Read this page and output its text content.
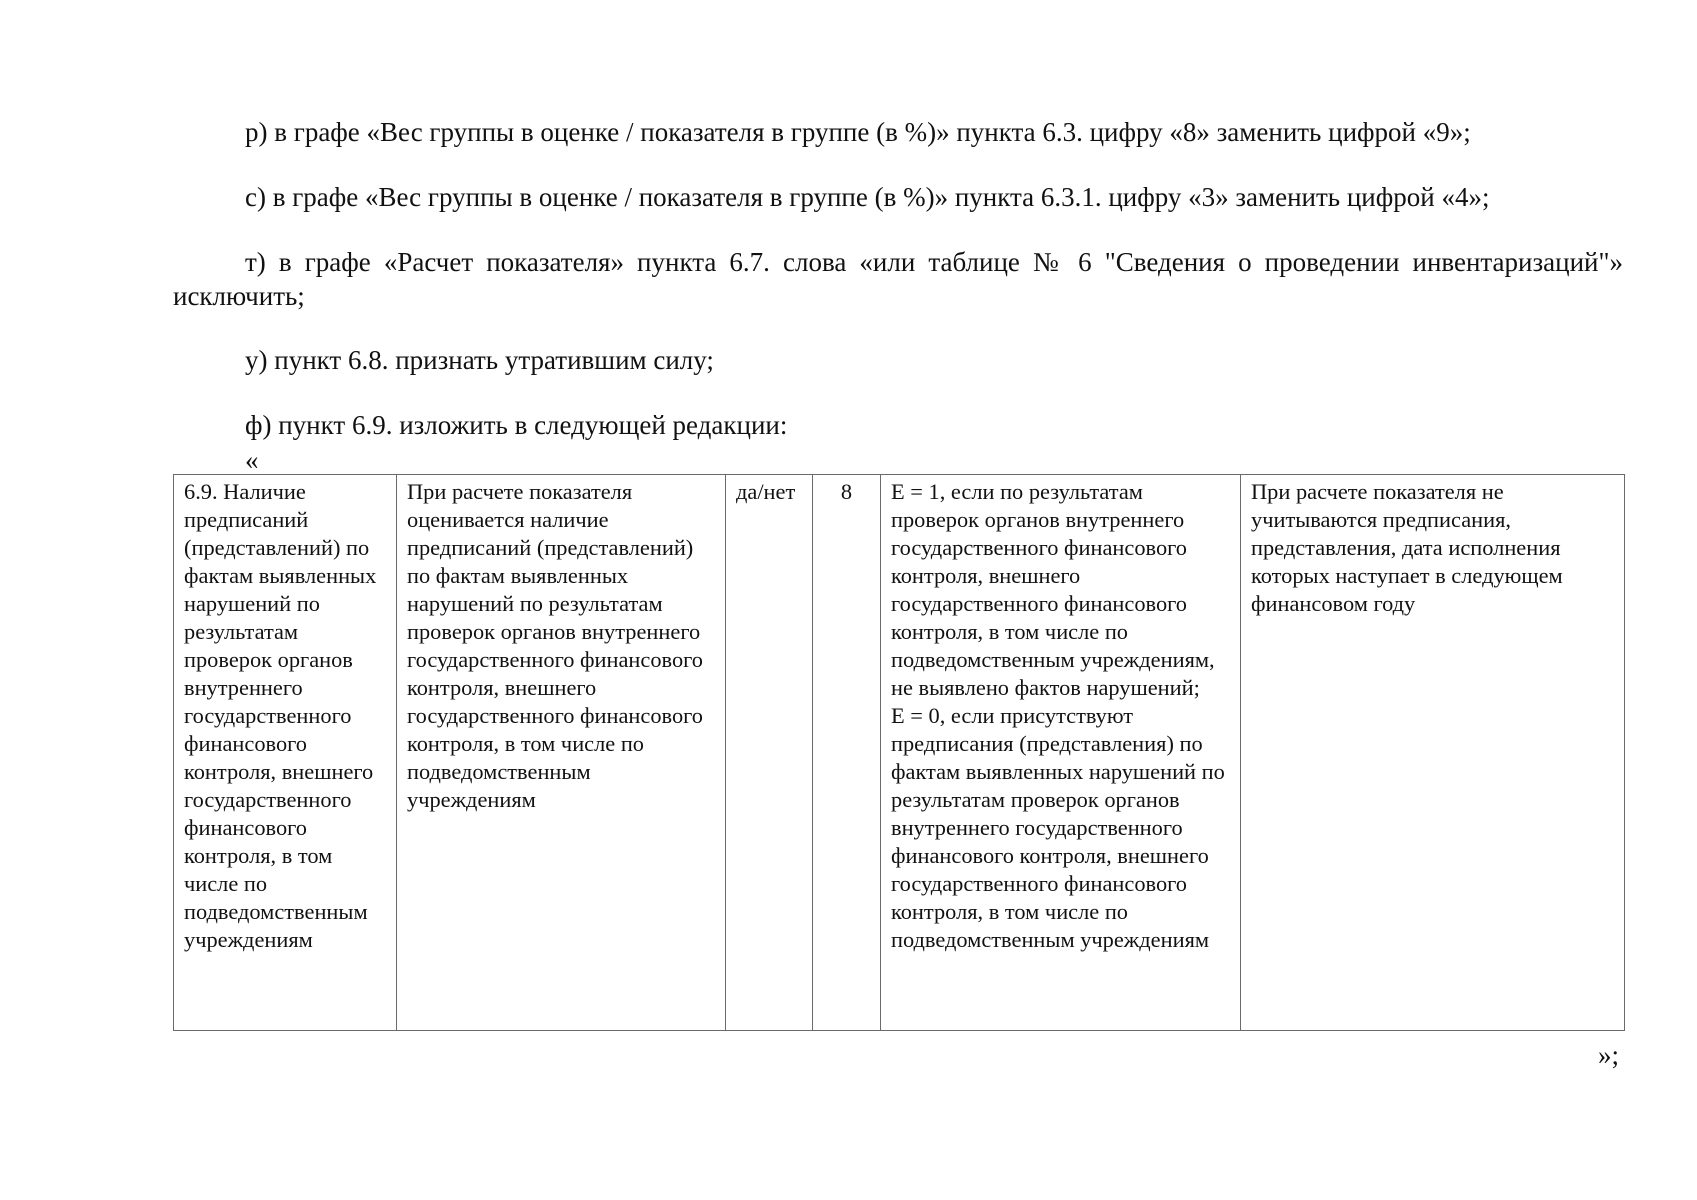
р) в графе «Вес группы в оценке / показателя в группе (в %)» пункта 6.3. цифру «8» заменить цифрой «9»;
с) в графе «Вес группы в оценке / показателя в группе (в %)» пункта 6.3.1. цифру «3» заменить цифрой «4»;
т) в графе «Расчет показателя» пункта 6.7. слова «или таблице № 6 "Сведения о проведении инвентаризаций"» исключить;
у) пункт 6.8. признать утратившим силу;
ф) пункт 6.9. изложить в следующей редакции:
«
6.9. Наличие предписаний (представлений) по фактам выявленных нарушений по результатам проверок органов внутреннего государственного финансового контроля, внешнего государственного финансового контроля, в том числе по подведомственным учреждениям	При расчете показателя оценивается наличие предписаний (представлений) по фактам выявленных нарушений по результатам проверок органов внутреннего государственного финансового контроля, внешнего государственного финансового контроля, в том числе по подведомственным учреждениям	да/нет	8	E = 1, если по результатам проверок органов внутреннего государственного финансового контроля, внешнего государственного финансового контроля, в том числе по подведомственным учреждениям, не выявлено фактов нарушений;
E = 0, если присутствуют предписания (представления) по фактам выявленных нарушений по результатам проверок органов внутреннего государственного финансового контроля, внешнего государственного финансового контроля, в том числе по подведомственным учреждениям
	При расчете показателя не учитываются предписания, представления, дата исполнения которых наступает в следующем финансовом году
»;
